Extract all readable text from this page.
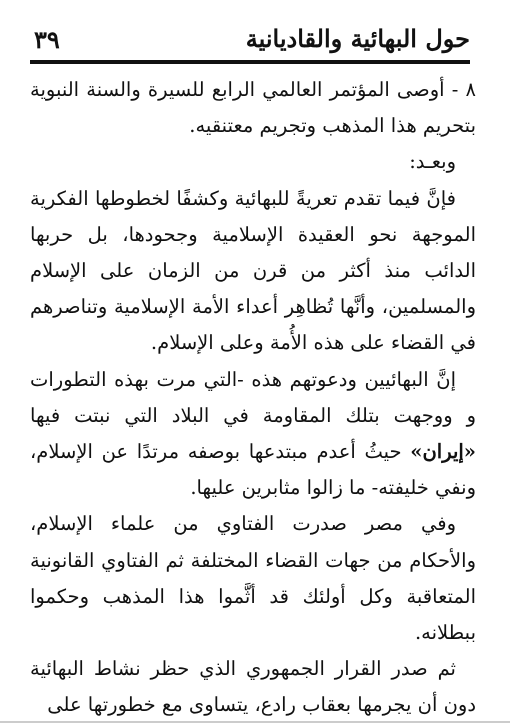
حول البهائية والقاديانية
٣٩

٨ - أوصى المؤتمر العالمي الرابع للسيرة والسنة النبوية بتحريم هذا المذهب وتجريم معتنقيه.

وبعـد:

فإنَّ فيما تقدم تعريةً للبهائية وكشفًا لخطوطها الفكرية الموجهة نحو العقيدة الإسلامية وجحودها، بل حربها الدائب منذ أكثر من قرن من الزمان على الإسلام والمسلمين، وأنَّها تُظاهِر أعداء الأمة الإسلامية وتناصرهم في القضاء على هذه الأُمة وعلى الإسلام.

إنَّ البهائيين ودعوتهم هذه -التي مرت بهذه التطورات و ووجهت بتلك المقاومة في البلاد التي نبتت فيها «إيران» حيثُ أعدم مبتدعها بوصفه مرتدًا عن الإسلام، ونفي خليفته- ما زالوا مثابرين عليها.

وفي مصر صدرت الفتاوي من علماء الإسلام، والأحكام من جهات القضاء المختلفة ثم الفتاوي القانونية المتعاقبة وكل أولئك قد أثَّموا هذا المذهب وحكموا ببطلانه.

ثم صدر القرار الجمهوري الذي حظر نشاط البهائية دون أن يجرمها بعقاب رادع، يتساوى مع خطورتها على
